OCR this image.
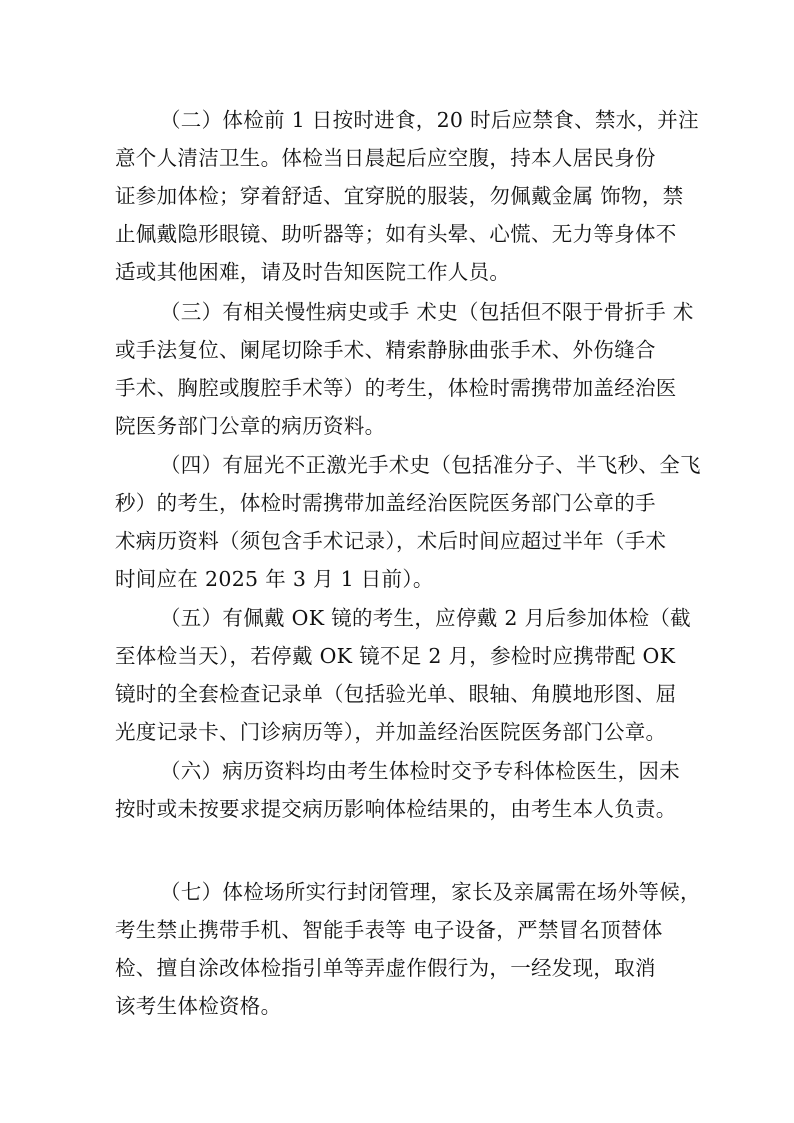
（二）体检前 1 日按时进食，20 时后应禁食、禁水，并注
意个人清洁卫生。体检当日晨起后应空腹，持本人居民身份
证参加体检；穿着舒适、宜穿脱的服装，勿佩戴金属 饰物，禁
止佩戴隐形眼镜、助听器等；如有头晕、心慌、无力等身体不
适或其他困难，请及时告知医院工作人员。
（三）有相关慢性病史或手 术史（包括但不限于骨折手 术
或手法复位、阑尾切除手术、精索静脉曲张手术、外伤缝合
手术、胸腔或腹腔手术等）的考生，体检时需携带加盖经治医
院医务部门公章的病历资料。
（四）有屈光不正激光手术史（包括准分子、半飞秒、全飞
秒）的考生，体检时需携带加盖经治医院医务部门公章的手
术病历资料（须包含手术记录），术后时间应超过半年（手术
时间应在 2025 年 3 月 1 日前）。
（五）有佩戴 OK 镜的考生，应停戴 2 月后参加体检（截
至体检当天），若停戴 OK 镜不足 2 月，参检时应携带配 OK
镜时的全套检查记录单（包括验光单、眼轴、角膜地形图、屈
光度记录卡、门诊病历等），并加盖经治医院医务部门公章。
（六）病历资料均由考生体检时交予专科体检医生，因未
按时或未按要求提交病历影响体检结果的，由考生本人负责。
（七）体检场所实行封闭管理，家长及亲属需在场外等候，
考生禁止携带手机、智能手表等 电子设备，严禁冒名顶替体
检、擅自涂改体检指引单等弄虚作假行为，一经发现，取消
该考生体检资格。
